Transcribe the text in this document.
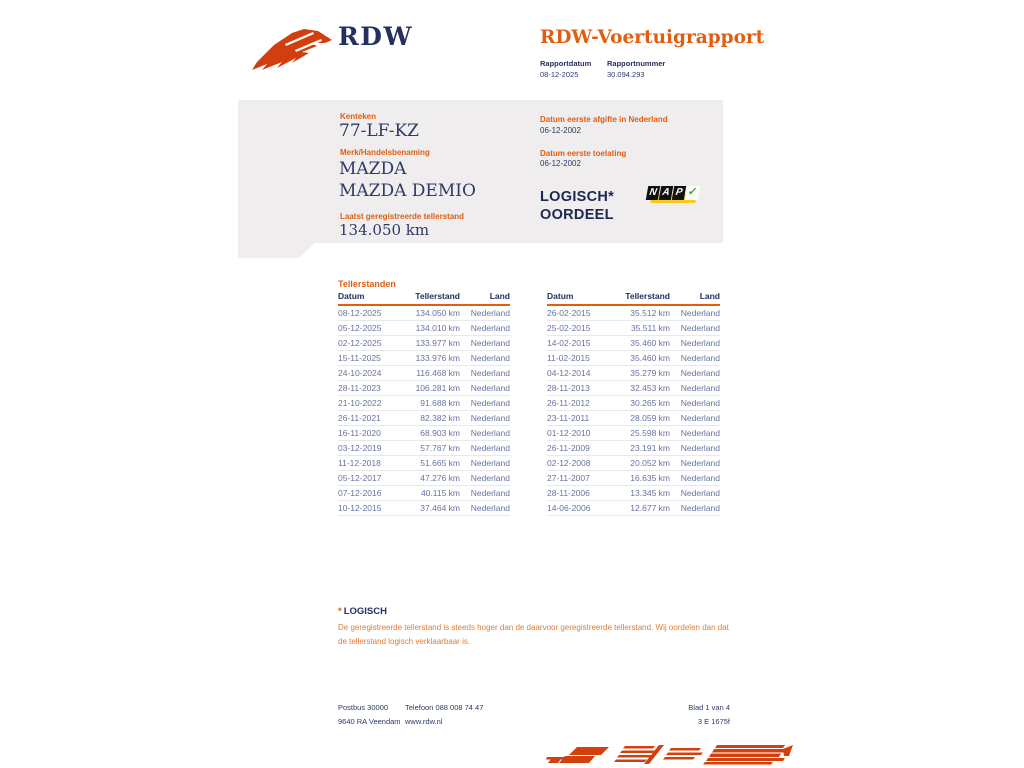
RDW	RDW-Voertuigrapport
Rapportdatum Rapportnummer
08-12-2025	30.094.293
Kenteken
77-LF-KZ
Merk/Handelsbenaming
MAZDA MAZDA DEMIO
Laatst geregistreerde tellerstand
134.050 km
Datum eerste afgifte in Nederland
06-12-2002
Datum eerste toelating
06-12-2002
LOGISCH*
OORDEEL
N A P ✓
Tellerstanden
Datum	Tellerstand	Land
08-12-2025	134.050 km	Nederland
05-12-2025	134.010 km	Nederland
02-12-2025	133.977 km	Nederland
15-11-2025	133.976 km	Nederland
24-10-2024	116.468 km	Nederland
28-11-2023	106.281 km	Nederland
21-10-2022	91.688 km	Nederland
26-11-2021	82.382 km	Nederland
16-11-2020	68.903 km	Nederland
03-12-2019	57.767 km	Nederland
11-12-2018	51.665 km	Nederland
05-12-2017	47.276 km	Nederland
07-12-2016	40.115 km	Nederland
10-12-2015	37.464 km	Nederland
Datum	Tellerstand	Land
26-02-2015	35.512 km	Nederland
25-02-2015	35.511 km	Nederland
14-02-2015	35.460 km	Nederland
11-02-2015	35.460 km	Nederland
04-12-2014	35.279 km	Nederland
28-11-2013	32.453 km	Nederland
26-11-2012	30.265 km	Nederland
23-11-2011	28.059 km	Nederland
01-12-2010	25.598 km	Nederland
26-11-2009	23.191 km	Nederland
02-12-2008	20.052 km	Nederland
27-11-2007	16.635 km	Nederland
28-11-2006	13.345 km	Nederland
14-06-2006	12.677 km	Nederland
* LOGISCH
De geregistreerde tellerstand is steeds hoger dan de daarvoor geregistreerde tellerstand. Wij oordelen dan dat de tellerstand logisch verklaarbaar is.
Postbus 30000
9640 RA Veendam
Telefoon 088 008 74 47
www.rdw.nl
Blad 1 van 4
3 E 1675f
